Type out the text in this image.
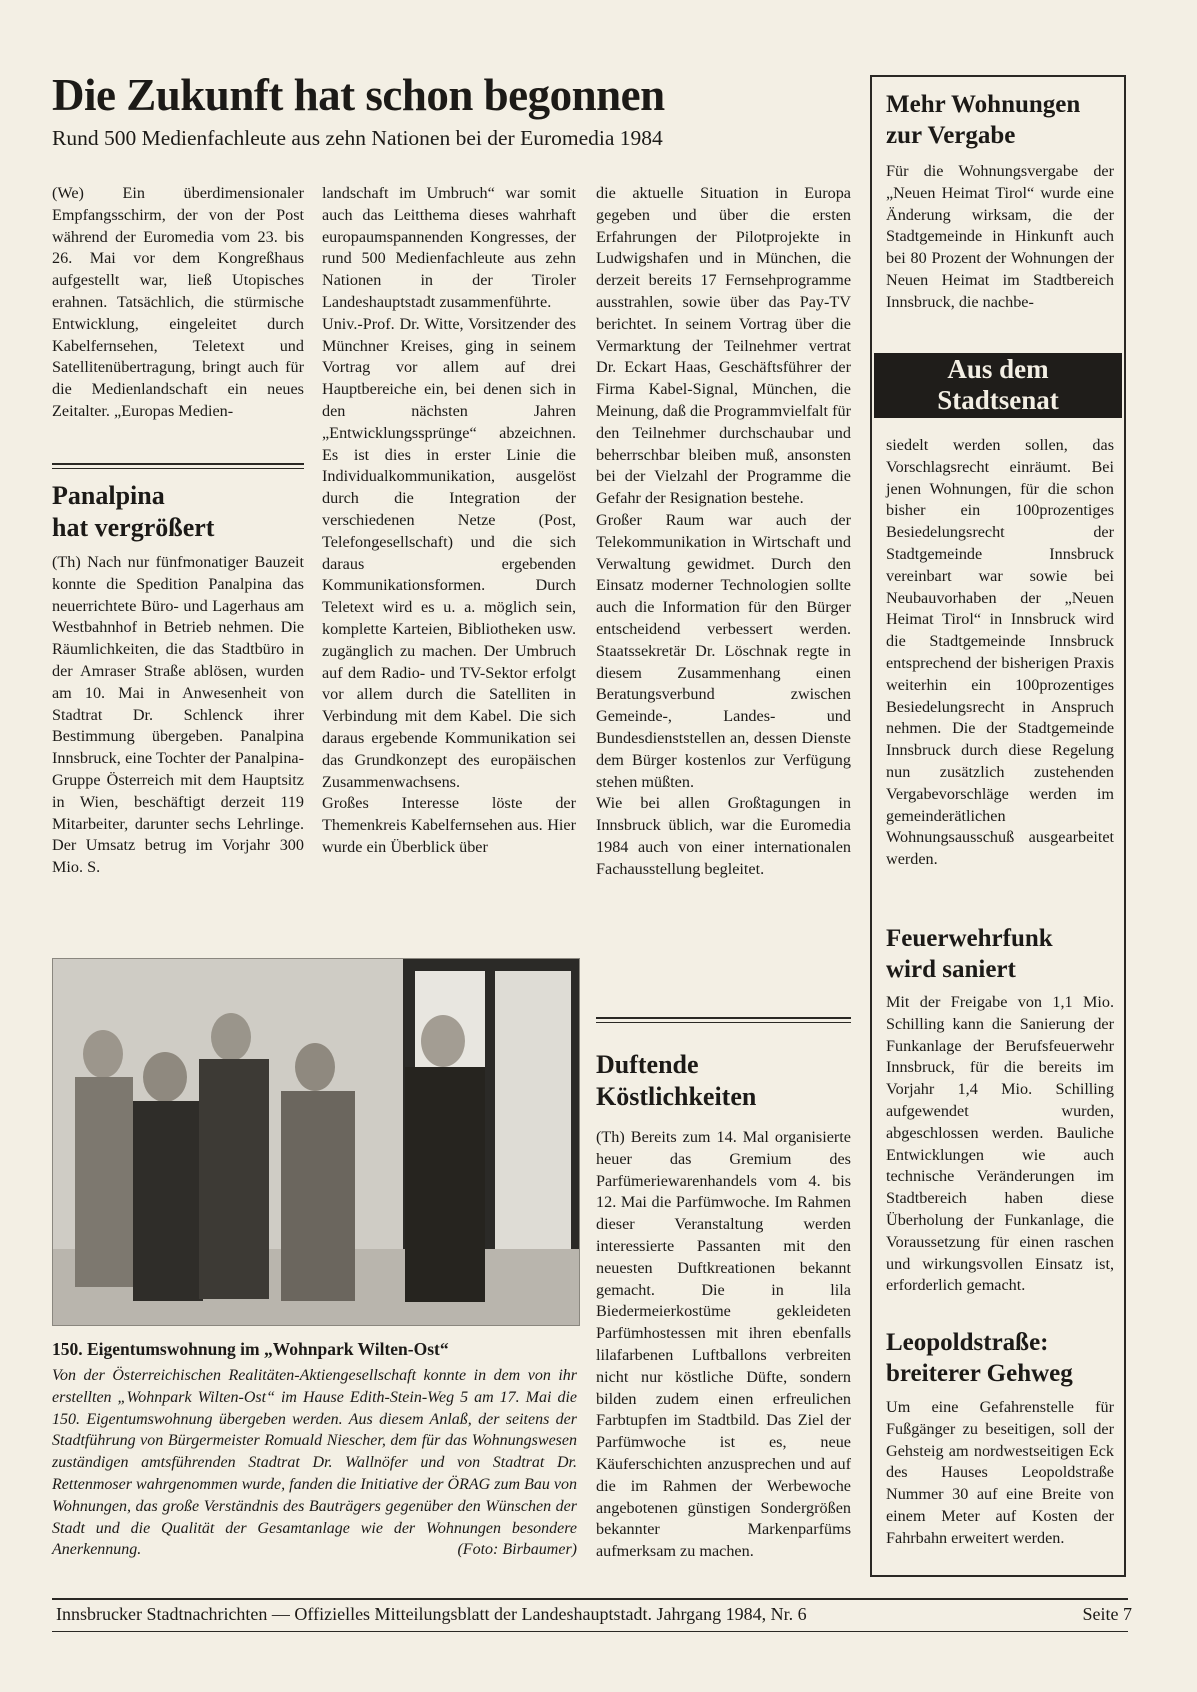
Die Zukunft hat schon begonnen

Rund 500 Medienfachleute aus zehn Nationen bei der Euromedia 1984

(We) Ein überdimensionaler Empfangsschirm, der von der Post während der Euromedia vom 23. bis 26. Mai vor dem Kongreßhaus aufgestellt war, ließ Utopisches erahnen. Tatsächlich, die stürmische Entwicklung, eingeleitet durch Kabelfernsehen, Teletext und Satellitenübertragung, bringt auch für die Medienlandschaft ein neues Zeitalter. „Europas Medien-

Panalpina
hat vergrößert

(Th) Nach nur fünfmonatiger Bauzeit konnte die Spedition Panalpina das neuerrichtete Büro- und Lagerhaus am Westbahnhof in Betrieb nehmen. Die Räumlichkeiten, die das Stadtbüro in der Amraser Straße ablösen, wurden am 10. Mai in Anwesenheit von Stadtrat Dr. Schlenck ihrer Bestimmung übergeben. Panalpina Innsbruck, eine Tochter der Panalpina-Gruppe Österreich mit dem Hauptsitz in Wien, beschäftigt derzeit 119 Mitarbeiter, darunter sechs Lehrlinge. Der Umsatz betrug im Vorjahr 300 Mio. S.

landschaft im Umbruch“ war somit auch das Leitthema dieses wahrhaft europaumspannenden Kongresses, der rund 500 Medienfachleute aus zehn Nationen in der Tiroler Landeshauptstadt zusammenführte.
Univ.-Prof. Dr. Witte, Vorsitzender des Münchner Kreises, ging in seinem Vortrag vor allem auf drei Hauptbereiche ein, bei denen sich in den nächsten Jahren „Entwicklungssprünge“ abzeichnen. Es ist dies in erster Linie die Individualkommunikation, ausgelöst durch die Integration der verschiedenen Netze (Post, Telefongesellschaft) und die sich daraus ergebenden Kommunikationsformen. Durch Teletext wird es u. a. möglich sein, komplette Karteien, Bibliotheken usw. zugänglich zu machen. Der Umbruch auf dem Radio- und TV-Sektor erfolgt vor allem durch die Satelliten in Verbindung mit dem Kabel. Die sich daraus ergebende Kommunikation sei das Grundkonzept des europäischen Zusammenwachsens.
Großes Interesse löste der Themenkreis Kabelfernsehen aus. Hier wurde ein Überblick über

die aktuelle Situation in Europa gegeben und über die ersten Erfahrungen der Pilotprojekte in Ludwigshafen und in München, die derzeit bereits 17 Fernsehprogramme ausstrahlen, sowie über das Pay-TV berichtet. In seinem Vortrag über die Vermarktung der Teilnehmer vertrat Dr. Eckart Haas, Geschäftsführer der Firma Kabel-Signal, München, die Meinung, daß die Programmvielfalt für den Teilnehmer durchschaubar und beherrschbar bleiben muß, ansonsten bei der Vielzahl der Programme die Gefahr der Resignation bestehe.
Großer Raum war auch der Telekommunikation in Wirtschaft und Verwaltung gewidmet. Durch den Einsatz moderner Technologien sollte auch die Information für den Bürger entscheidend verbessert werden. Staatssekretär Dr. Löschnak regte in diesem Zusammenhang einen Beratungsverbund zwischen Gemeinde-, Landes- und Bundesdienststellen an, dessen Dienste dem Bürger kostenlos zur Verfügung stehen müßten.
Wie bei allen Großtagungen in Innsbruck üblich, war die Euromedia 1984 auch von einer internationalen Fachausstellung begleitet.

Duftende
Köstlichkeiten

(Th) Bereits zum 14. Mal organisierte heuer das Gremium des Parfümeriewarenhandels vom 4. bis 12. Mai die Parfümwoche. Im Rahmen dieser Veranstaltung werden interessierte Passanten mit den neuesten Duftkreationen bekannt gemacht. Die in lila Biedermeierkostüme gekleideten Parfümhostessen mit ihren ebenfalls lilafarbenen Luftballons verbreiten nicht nur köstliche Düfte, sondern bilden zudem einen erfreulichen Farbtupfen im Stadtbild. Das Ziel der Parfümwoche ist es, neue Käuferschichten anzusprechen und auf die im Rahmen der Werbewoche angebotenen günstigen Sondergrößen bekannter Markenparfüms aufmerksam zu machen.

150. Eigentumswohnung im „Wohnpark Wilten-Ost“

Von der Österreichischen Realitäten-Aktiengesellschaft konnte in dem von ihr erstellten „Wohnpark Wilten-Ost“ im Hause Edith-Stein-Weg 5 am 17. Mai die 150. Eigentumswohnung übergeben werden. Aus diesem Anlaß, der seitens der Stadtführung von Bürgermeister Romuald Niescher, dem für das Wohnungswesen zuständigen amtsführenden Stadtrat Dr. Wallnöfer und von Stadtrat Dr. Rettenmoser wahrgenommen wurde, fanden die Initiative der ÖRAG zum Bau von Wohnungen, das große Verständnis des Bauträgers gegenüber den Wünschen der Stadt und die Qualität der Gesamtanlage wie der Wohnungen besondere Anerkennung.	(Foto: Birbaumer)

Mehr Wohnungen
zur Vergabe

Für die Wohnungsvergabe der „Neuen Heimat Tirol“ wurde eine Änderung wirksam, die der Stadtgemeinde in Hinkunft auch bei 80 Prozent der Wohnungen der Neuen Heimat im Stadtbereich Innsbruck, die nachbe-

Aus dem
Stadtsenat

siedelt werden sollen, das Vorschlagsrecht einräumt. Bei jenen Wohnungen, für die schon bisher ein 100prozentiges Besiedelungsrecht der Stadtgemeinde Innsbruck vereinbart war sowie bei Neubauvorhaben der „Neuen Heimat Tirol“ in Innsbruck wird die Stadtgemeinde Innsbruck entsprechend der bisherigen Praxis weiterhin ein 100prozentiges Besiedelungsrecht in Anspruch nehmen. Die der Stadtgemeinde Innsbruck durch diese Regelung nun zusätzlich zustehenden Vergabevorschläge werden im gemeinderätlichen Wohnungsausschuß ausgearbeitet werden.

Feuerwehrfunk
wird saniert

Mit der Freigabe von 1,1 Mio. Schilling kann die Sanierung der Funkanlage der Berufsfeuerwehr Innsbruck, für die bereits im Vorjahr 1,4 Mio. Schilling aufgewendet wurden, abgeschlossen werden. Bauliche Entwicklungen wie auch technische Veränderungen im Stadtbereich haben diese Überholung der Funkanlage, die Voraussetzung für einen raschen und wirkungsvollen Einsatz ist, erforderlich gemacht.

Leopoldstraße:
breiterer Gehweg

Um eine Gefahrenstelle für Fußgänger zu beseitigen, soll der Gehsteig am nordwestseitigen Eck des Hauses Leopoldstraße Nummer 30 auf eine Breite von einem Meter auf Kosten der Fahrbahn erweitert werden.

Innsbrucker Stadtnachrichten — Offizielles Mitteilungsblatt der Landeshauptstadt. Jahrgang 1984, Nr. 6	Seite 7
